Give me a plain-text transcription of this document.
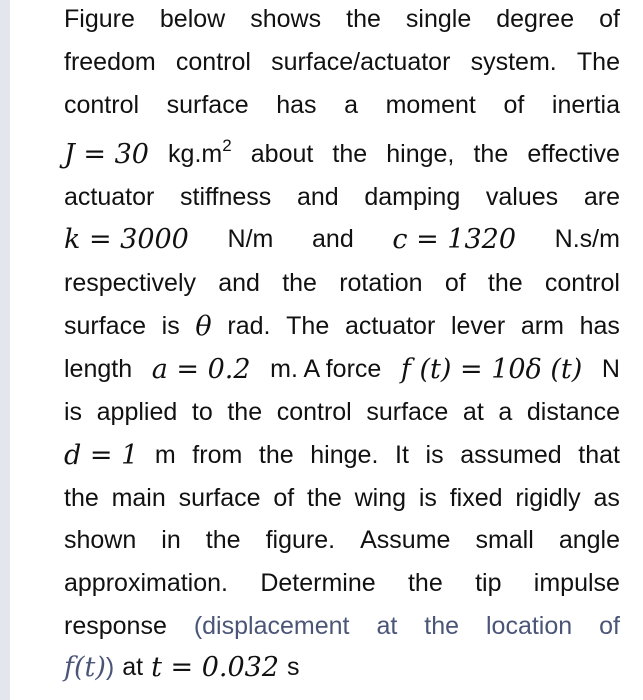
Figure below shows the single degree of
freedom control surface/actuator system. The
control surface has a moment of inertia
J = 30 $kg.m^2$ about the hinge, the effective
actuator stiffness and damping values are
k = 3000 N/m and c = 1320 N.s/m
respectively and the rotation of the control
surface is θ rad. The actuator lever arm has
length a = 0.2 m. A force f (t) = 10δ (t) N
is applied to the control surface at a distance
d = 1 m from the hinge. It is assumed that
the main surface of the wing is fixed rigidly as
shown in the figure. Assume small angle
approximation. Determine the tip impulse
response (displacement at the location of
f(t) ) at t = 0.032 s
